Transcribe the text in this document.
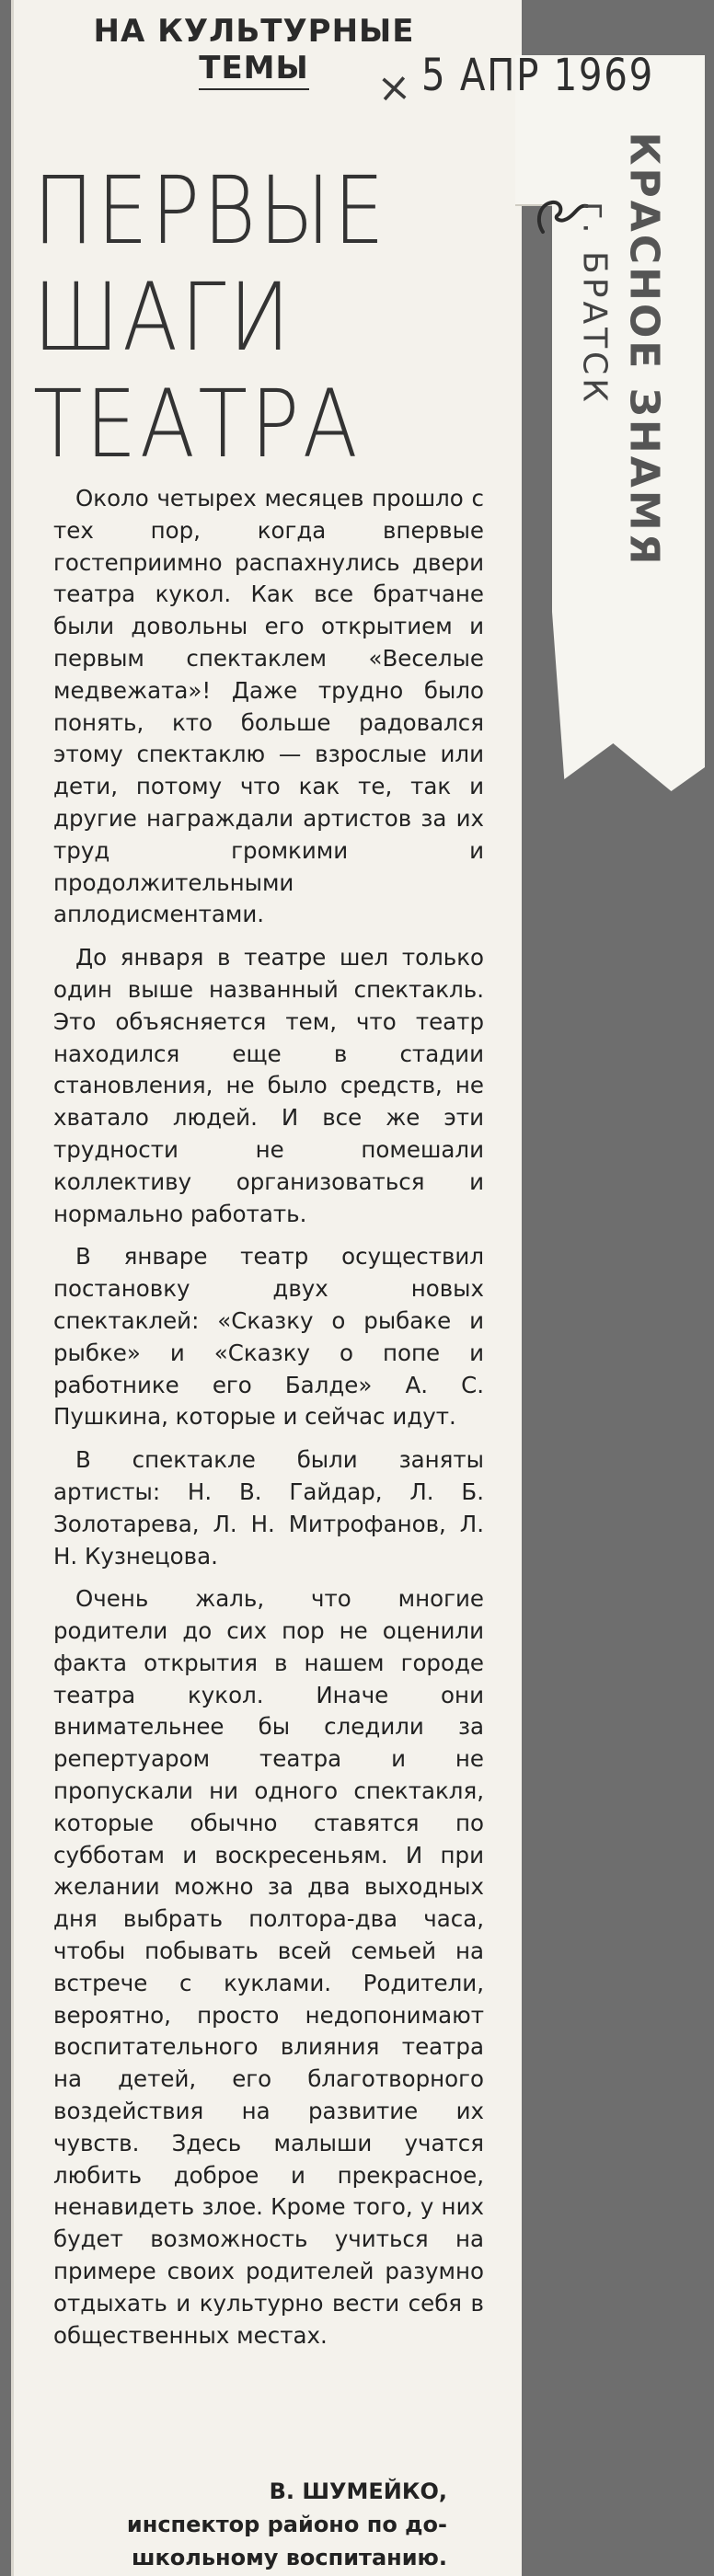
НА КУЛЬТУРНЫЕ
ТЕМЫ	× 5 АПР 1969
ПЕРВЫЕ
ШАГИ
ТЕАТРА	КРАСНОЕ ЗНАМЯ
г. БРАТСК

Около четырех месяцев прошло с тех пор, когда впервые гостеприимно распахнулись двери театра кукол. Как все братчане были довольны его открытием и первым спектаклем «Веселые медвежата»! Даже трудно было понять, кто больше радовался этому спектаклю — взрослые или дети, потому что как те, так и другие награждали артистов за их труд громкими и продолжительными аплодисментами.

До января в театре шел только один выше названный спектакль. Это объясняется тем, что театр находился еще в стадии становления, не было средств, не хватало людей. И все же эти трудности не помешали коллективу организоваться и нормально работать.

В январе театр осуществил постановку двух новых спектаклей: «Сказку о рыбаке и рыбке» и «Сказку о попе и работнике его Балде» А. С. Пушкина, которые и сейчас идут.

В спектакле были заняты артисты: Н. В. Гайдар, Л. Б. Золотарева, Л. Н. Митрофанов, Л. Н. Кузнецова.

Очень жаль, что многие родители до сих пор не оценили факта открытия в нашем городе театра кукол. Иначе они внимательнее бы следили за репертуаром театра и не пропускали ни одного спектакля, которые обычно ставятся по субботам и воскресеньям. И при желании можно за два выходных дня выбрать полтора-два часа, чтобы побывать всей семьей на встрече с куклами. Родители, вероятно, просто недопонимают воспитательного влияния театра на детей, его благотворного воздействия на развитие их чувств. Здесь малыши учатся любить доброе и прекрасное, ненавидеть злое. Кроме того, у них будет возможность учиться на примере своих родителей разумно отдыхать и культурно вести себя в общественных местах.

В. ШУМЕЙКО,
инспектор районо по до-
школьному воспитанию.
